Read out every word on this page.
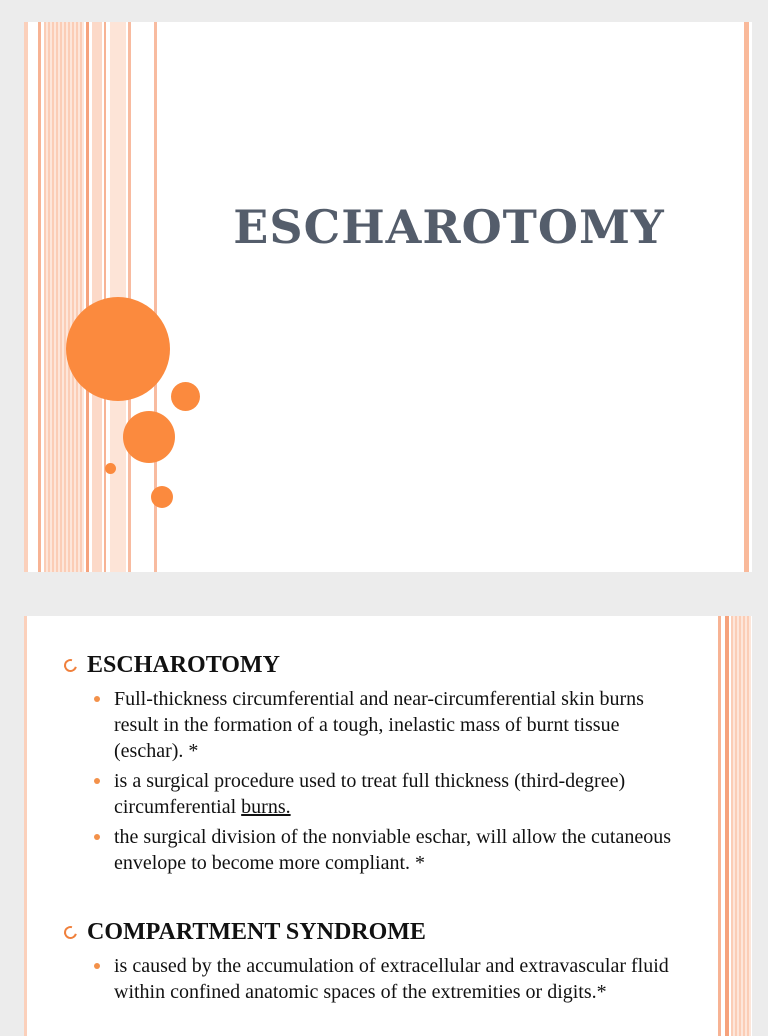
ESCHAROTOMY
ESCHAROTOMY
Full-thickness circumferential and near-circumferential skin burns result in the formation of a tough, inelastic mass of burnt tissue (eschar). *
is a surgical procedure used to treat full thickness (third-degree) circumferential burns.
the surgical division of the nonviable eschar, will allow the cutaneous envelope to become more compliant. *
COMPARTMENT SYNDROME
is caused by the accumulation of extracellular and extravascular fluid within confined anatomic spaces of the extremities or digits.*
